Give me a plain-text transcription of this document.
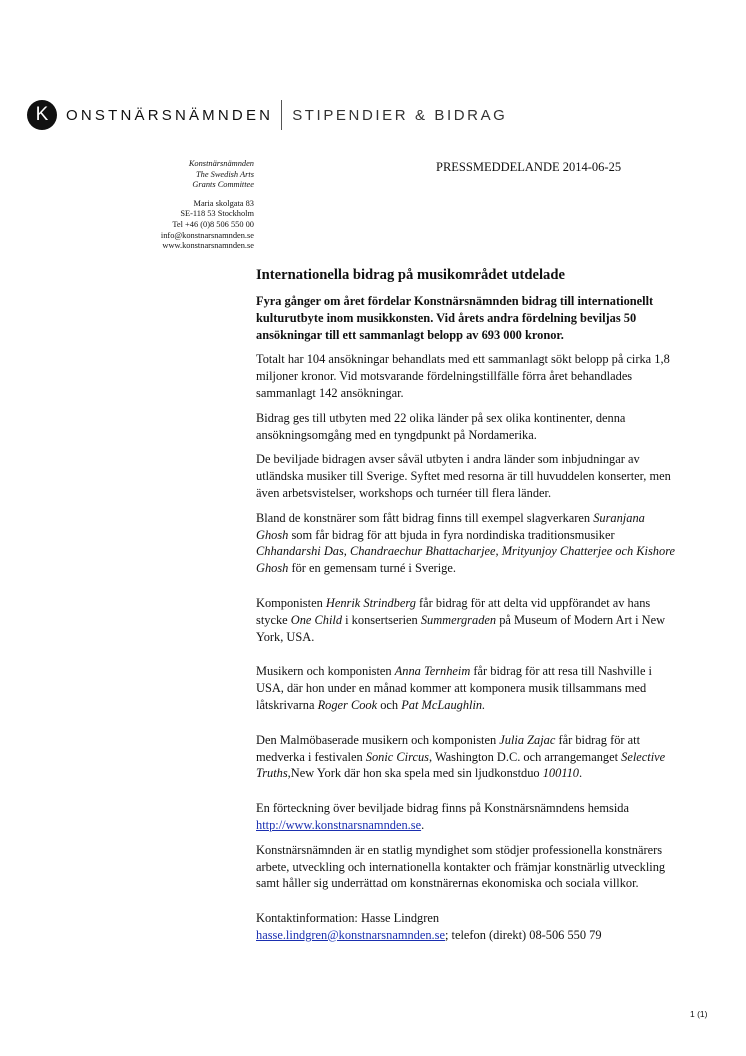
K	ONSTNÄRSNÄMNDEN STIPENDIER & BIDRAG
Konstnärsnämnden
The Swedish Arts
Grants Committee
Maria skolgata 83
SE-118 53 Stockholm
Tel +46 (0)8 506 550 00
info@konstnarsnamnden.se
www.konstnarsnamnden.se
PRESSMEDDELANDE 2014-06-25
Internationella bidrag på musikområdet utdelade

Fyra gånger om året fördelar Konstnärsnämnden bidrag till internationellt kulturutbyte inom musikkonsten. Vid årets andra fördelning beviljas 50 ansökningar till ett sammanlagt belopp av 693 000 kronor.

Totalt har 104 ansökningar behandlats med ett sammanlagt sökt belopp på cirka 1,8 miljoner kronor. Vid motsvarande fördelningstillfälle förra året behandlades sammanlagt 142 ansökningar.

Bidrag ges till utbyten med 22 olika länder på sex olika kontinenter, denna ansökningsomgång med en tyngdpunkt på Nordamerika.

De beviljade bidragen avser såväl utbyten i andra länder som inbjudningar av utländska musiker till Sverige. Syftet med resorna är till huvuddelen konserter, men även arbetsvistelser, workshops och turnéer till flera länder.

Bland de konstnärer som fått bidrag finns till exempel slagverkaren Suranjana Ghosh som får bidrag för att bjuda in fyra nordindiska traditionsmusiker Chhandarshi Das, Chandraechur Bhattacharjee, Mrityunjoy Chatterjee och Kishore Ghosh för en gemensam turné i Sverige.

Komponisten Henrik Strindberg får bidrag för att delta vid uppförandet av hans stycke One Child i konsertserien Summergraden på Museum of Modern Art i New York, USA.

Musikern och komponisten Anna Ternheim får bidrag för att resa till Nashville i USA, där hon under en månad kommer att komponera musik tillsammans med låtskrivarna Roger Cook och Pat McLaughlin.

Den Malmöbaserade musikern och komponisten Julia Zajac får bidrag för att medverka i festivalen Sonic Circus, Washington D.C. och arrangemanget Selective Truths,New York där hon ska spela med sin ljudkonstduo 100110.

En förteckning över beviljade bidrag finns på Konstnärsnämndens hemsida http://www.konstnarsnamnden.se.

Konstnärsnämnden är en statlig myndighet som stödjer professionella konstnärers arbete, utveckling och internationella kontakter och främjar konstnärlig utveckling samt håller sig underrättad om konstnärernas ekonomiska och sociala villkor.

Kontaktinformation: Hasse Lindgren
hasse.lindgren@konstnarsnamnden.se; telefon (direkt) 08-506 550 79

1 (1)
